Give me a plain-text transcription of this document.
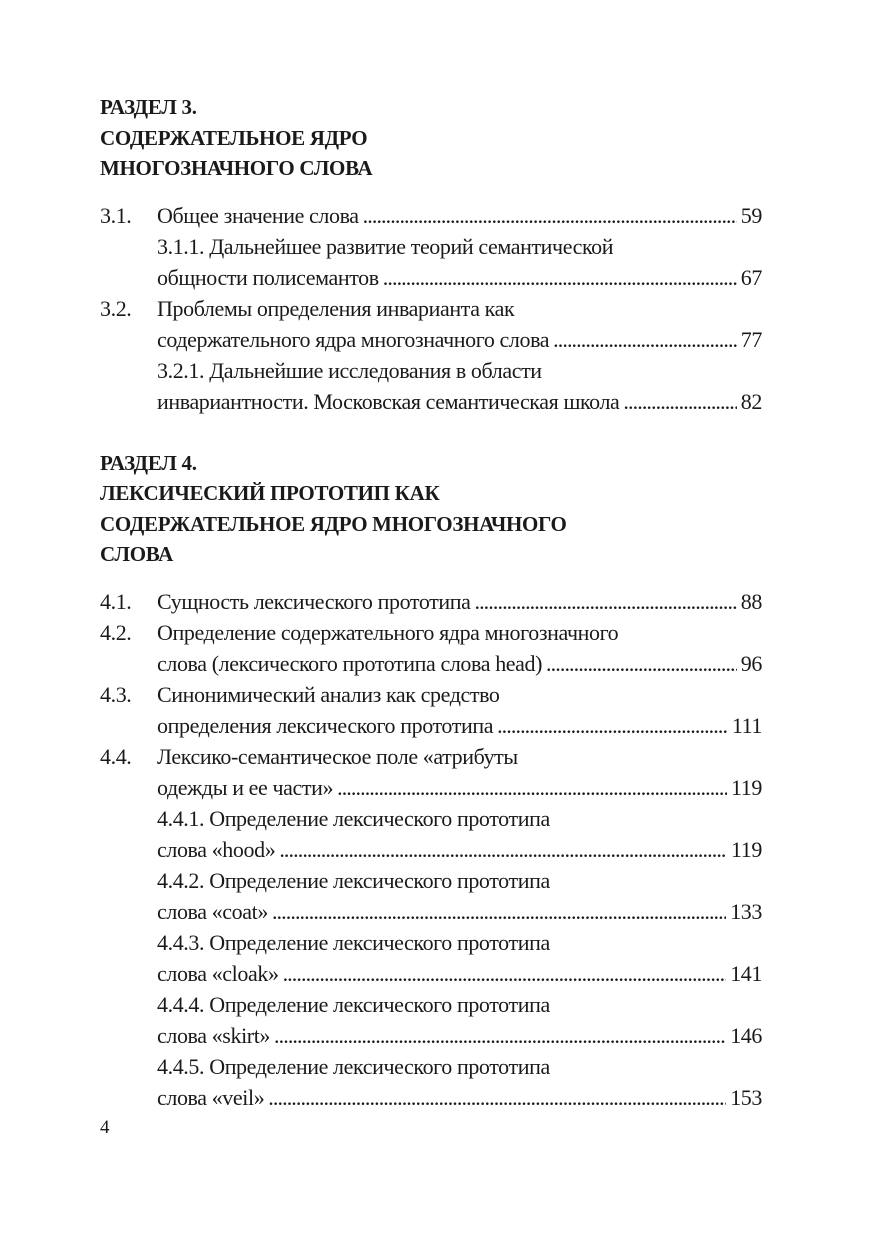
РАЗДЕЛ 3.
СОДЕРЖАТЕЛЬНОЕ ЯДРО
МНОГОЗНАЧНОГО СЛОВА
3.1.	Общее значение слова . . .	59
3.1.1. Дальнейшее развитие теорий семантической
общности полисемантов . . .	67
3.2.	Проблемы определения инварианта как
содержательного ядра многозначного слова . . .	77
3.2.1. Дальнейшие исследования в области
инвариантности. Московская семантическая школа . . .	82
РАЗДЕЛ 4.
ЛЕКСИЧЕСКИЙ ПРОТОТИП КАК
СОДЕРЖАТЕЛЬНОЕ ЯДРО МНОГОЗНАЧНОГО
СЛОВА
4.1.	Сущность лексического прототипа . . .	88
4.2.	Определение содержательного ядра многозначного
слова (лексического прототипа слова head) . . .	96
4.3.	Синонимический анализ как средство
определения лексического прототипа . . .	111
4.4.	Лексико-семантическое поле «атрибуты
одежды и ее части» . . .	119
4.4.1. Определение лексического прототипа
слова «hood» . . .	119
4.4.2. Определение лексического прототипа
слова «coat» . . .	133
4.4.3. Определение лексического прототипа
слова «cloak» . . .	141
4.4.4. Определение лексического прототипа
слова «skirt» . . .	146
4.4.5. Определение лексического прототипа
слова «veil» . . .	153
4
